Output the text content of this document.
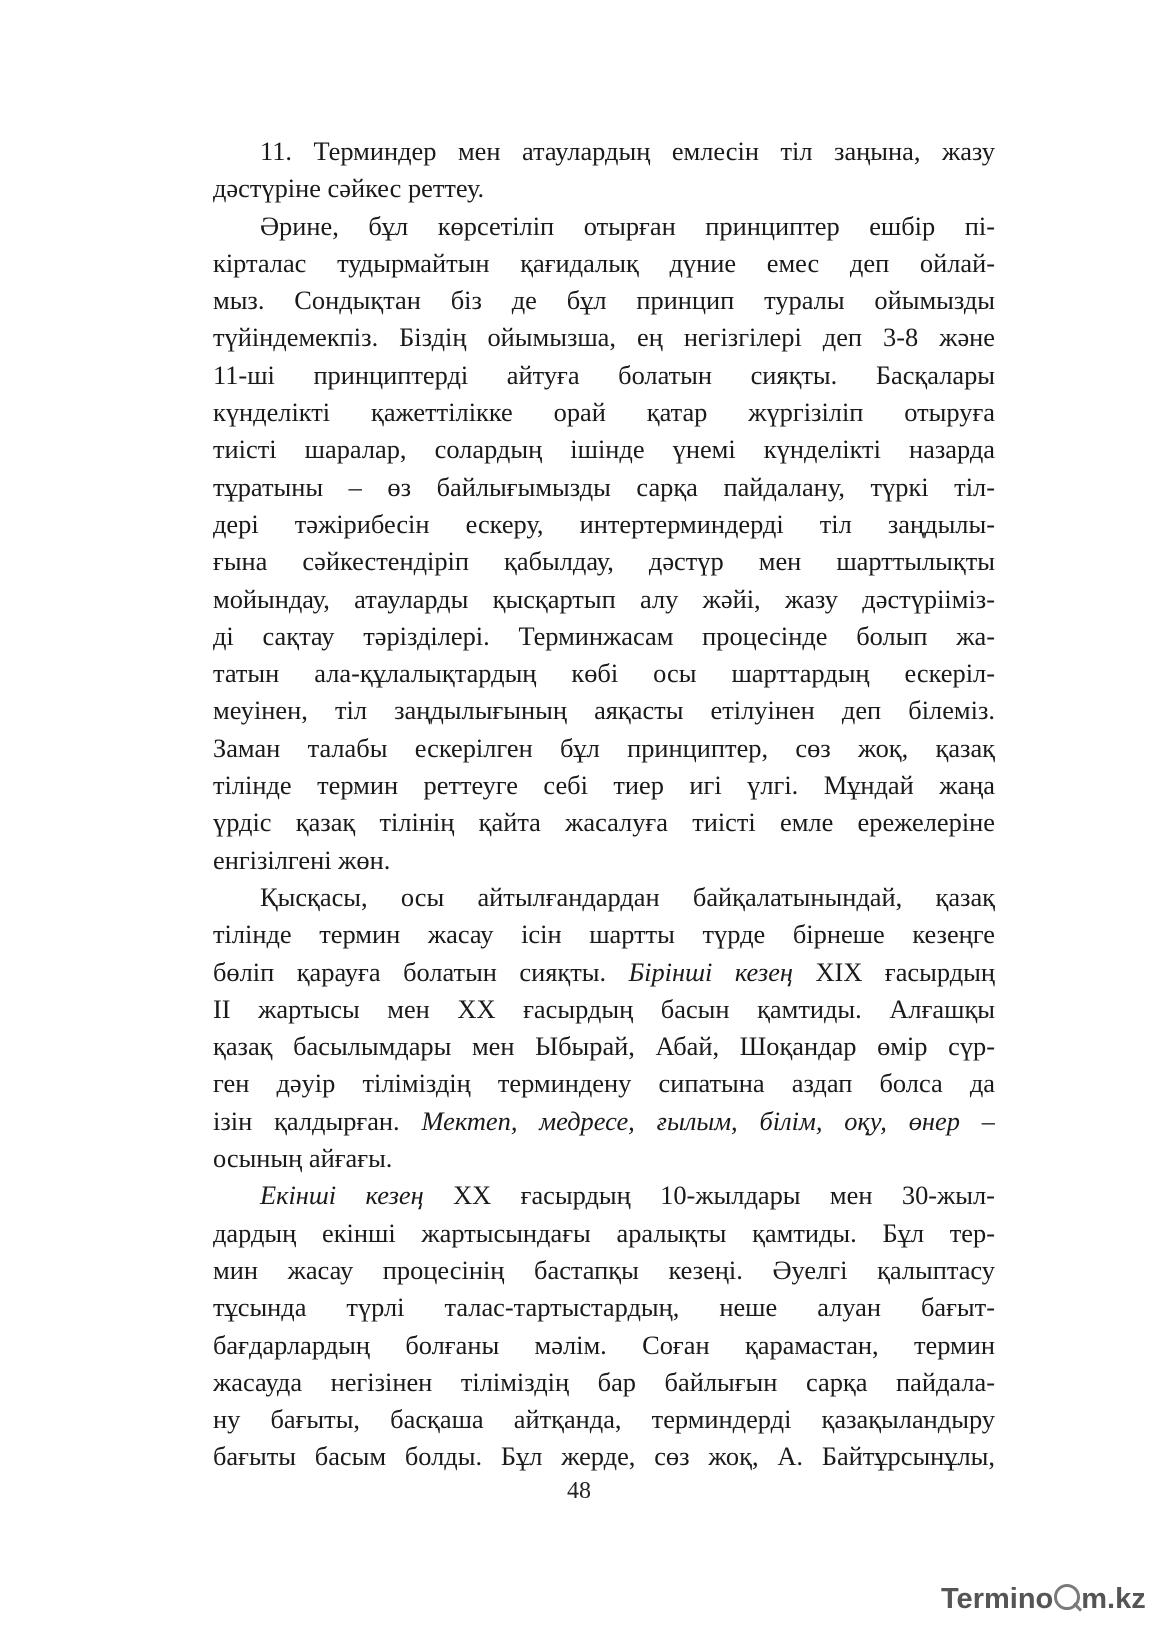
11. Терминдер мен атаулардың емлесін тіл заңына, жазу
дәстүріне сәйкес реттеу.
Әрине, бұл көрсетіліп отырған принциптер ешбір пі-
кірталас тудырмайтын қағидалық дүние емес деп ойлай-
мыз. Сондықтан біз де бұл принцип туралы ойымызды
түйіндемекпіз. Біздің ойымызша, ең негізгілері деп 3-8 және
11-ші принциптерді айтуға болатын сияқты. Басқалары
күнделікті қажеттілікке орай қатар жүргізіліп отыруға
тиісті шаралар, солардың ішінде үнемі күнделікті назарда
тұратыны – өз байлығымызды сарқа пайдалану, түркі тіл-
дері тәжірибесін ескеру, интертерминдерді тіл заңдылы-
ғына сәйкестендіріп қабылдау, дәстүр мен шарттылықты
мойындау, атауларды қысқартып алу жәйі, жазу дәстүрііміз-
ді сақтау тәрізділері. Терминжасам процесінде болып жа-
татын ала-құлалықтардың көбі осы шарттардың ескеріл-
меуінен, тіл заңдылығының аяқасты етілуінен деп білеміз.
Заман талабы ескерілген бұл принциптер, сөз жоқ, қазақ
тілінде термин реттеуге себі тиер игі үлгі. Мұндай жаңа
үрдіс қазақ тілінің қайта жасалуға тиісті емле ережелеріне
енгізілгені жөн.
Қысқасы, осы айтылғандардан байқалатынындай, қазақ
тілінде термин жасау ісін шартты түрде бірнеше кезеңге
бөліп қарауға болатын сияқты. Бірінші кезең XIX ғасырдың
ІІ жартысы мен XX ғасырдың басын қамтиды. Алғашқы
қазақ басылымдары мен Ыбырай, Абай, Шоқандар өмір сүр-
ген дәуір тіліміздің терминдену сипатына аздап болса да
ізін қалдырған. Мектеп, медресе, ғылым, білім, оқу, өнер –
осының айғағы.
Екінші кезең XX ғасырдың 10-жылдары мен 30-жыл-
дардың екінші жартысындағы аралықты қамтиды. Бұл тер-
мин жасау процесінің бастапқы кезеңі. Әуелгі қалыптасу
тұсында түрлі талас-тартыстардың, неше алуан бағыт-
бағдарлардың болғаны мәлім. Соған қарамастан, термин
жасауда негізінен тіліміздің бар байлығын сарқа пайдала-
ну бағыты, басқаша айтқанда, терминдерді қазақыландыру
бағыты басым болды. Бұл жерде, сөз жоқ, А. Байтұрсынұлы,
48
Termino m.kz
